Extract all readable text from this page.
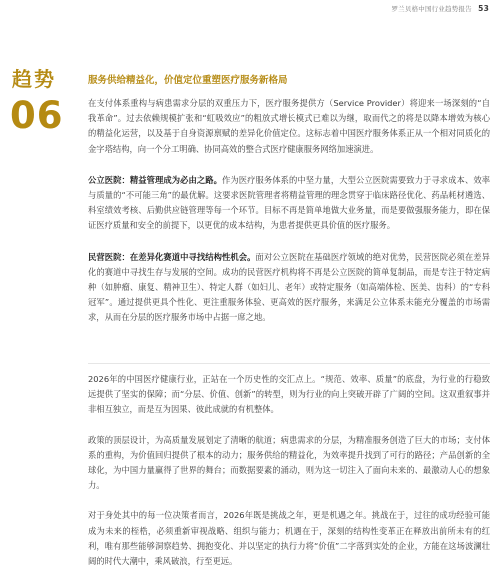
罗兰贝格中国行业趋势报告 53
趋势
06
服务供给精益化，价值定位重塑医疗服务新格局

在支付体系重构与病患需求分层的双重压力下，医疗服务提供方（Service Provider）将迎来一场深刻的“自我革命”。过去依赖规模扩张和“虹吸效应”的粗放式增长模式已难以为继，取而代之的将是以降本增效为核心的精益化运营，以及基于自身资源禀赋的差异化价值定位。这标志着中国医疗服务体系正从一个相对同质化的金字塔结构，向一个分工明确、协同高效的整合式医疗健康服务网络加速演进。

公立医院：精益管理成为必由之路。作为医疗服务体系的中坚力量，大型公立医院需要致力于寻求成本、效率与质量的“不可能三角”的最优解。这要求医院管理者将精益管理的理念贯穿于临床路径优化、药品耗材遴选、科室绩效考核、后勤供应链管理等每一个环节。目标不再是简单地做大业务量，而是要做强服务能力，即在保证医疗质量和安全的前提下，以更优的成本结构，为患者提供更具价值的医疗服务。

民营医院：在差异化赛道中寻找结构性机会。面对公立医院在基础医疗领域的绝对优势，民营医院必须在差异化的赛道中寻找生存与发展的空间。成功的民营医疗机构将不再是公立医院的简单复制品，而是专注于特定病种（如肿瘤、康复、精神卫生）、特定人群（如妇儿、老年）或特定服务（如高端体检、医美、齿科）的“专科冠军”。通过提供更具个性化、更注重服务体验、更高效的医疗服务，来满足公立体系未能充分覆盖的市场需求，从而在分层的医疗服务市场中占据一席之地。

2026年的中国医疗健康行业，正站在一个历史性的交汇点上。“规范、效率、质量”的底盘，为行业的行稳致远提供了坚实的保障；而“分层、价值、创新”的转型，则为行业的向上突破开辟了广阔的空间。这双重叙事并非相互独立，而是互为因果、彼此成就的有机整体。

政策的顶层设计，为高质量发展划定了清晰的航道；病患需求的分层，为精准服务创造了巨大的市场；支付体系的重构，为价值回归提供了根本的动力；服务供给的精益化，为效率提升找到了可行的路径；产品创新的全球化，为中国力量赢得了世界的舞台；而数据要素的涌动，则为这一切注入了面向未来的、最激动人心的想象力。

对于身处其中的每一位决策者而言，2026年既是挑战之年，更是机遇之年。挑战在于，过往的成功经验可能成为未来的桎梏，必须重新审视战略、组织与能力；机遇在于，深刻的结构性变革正在释放出前所未有的红利，唯有那些能够洞察趋势、拥抱变化、并以坚定的执行力将“价值”二字落到实处的企业，方能在这场波澜壮阔的时代大潮中，乘风破浪，行至更远。
